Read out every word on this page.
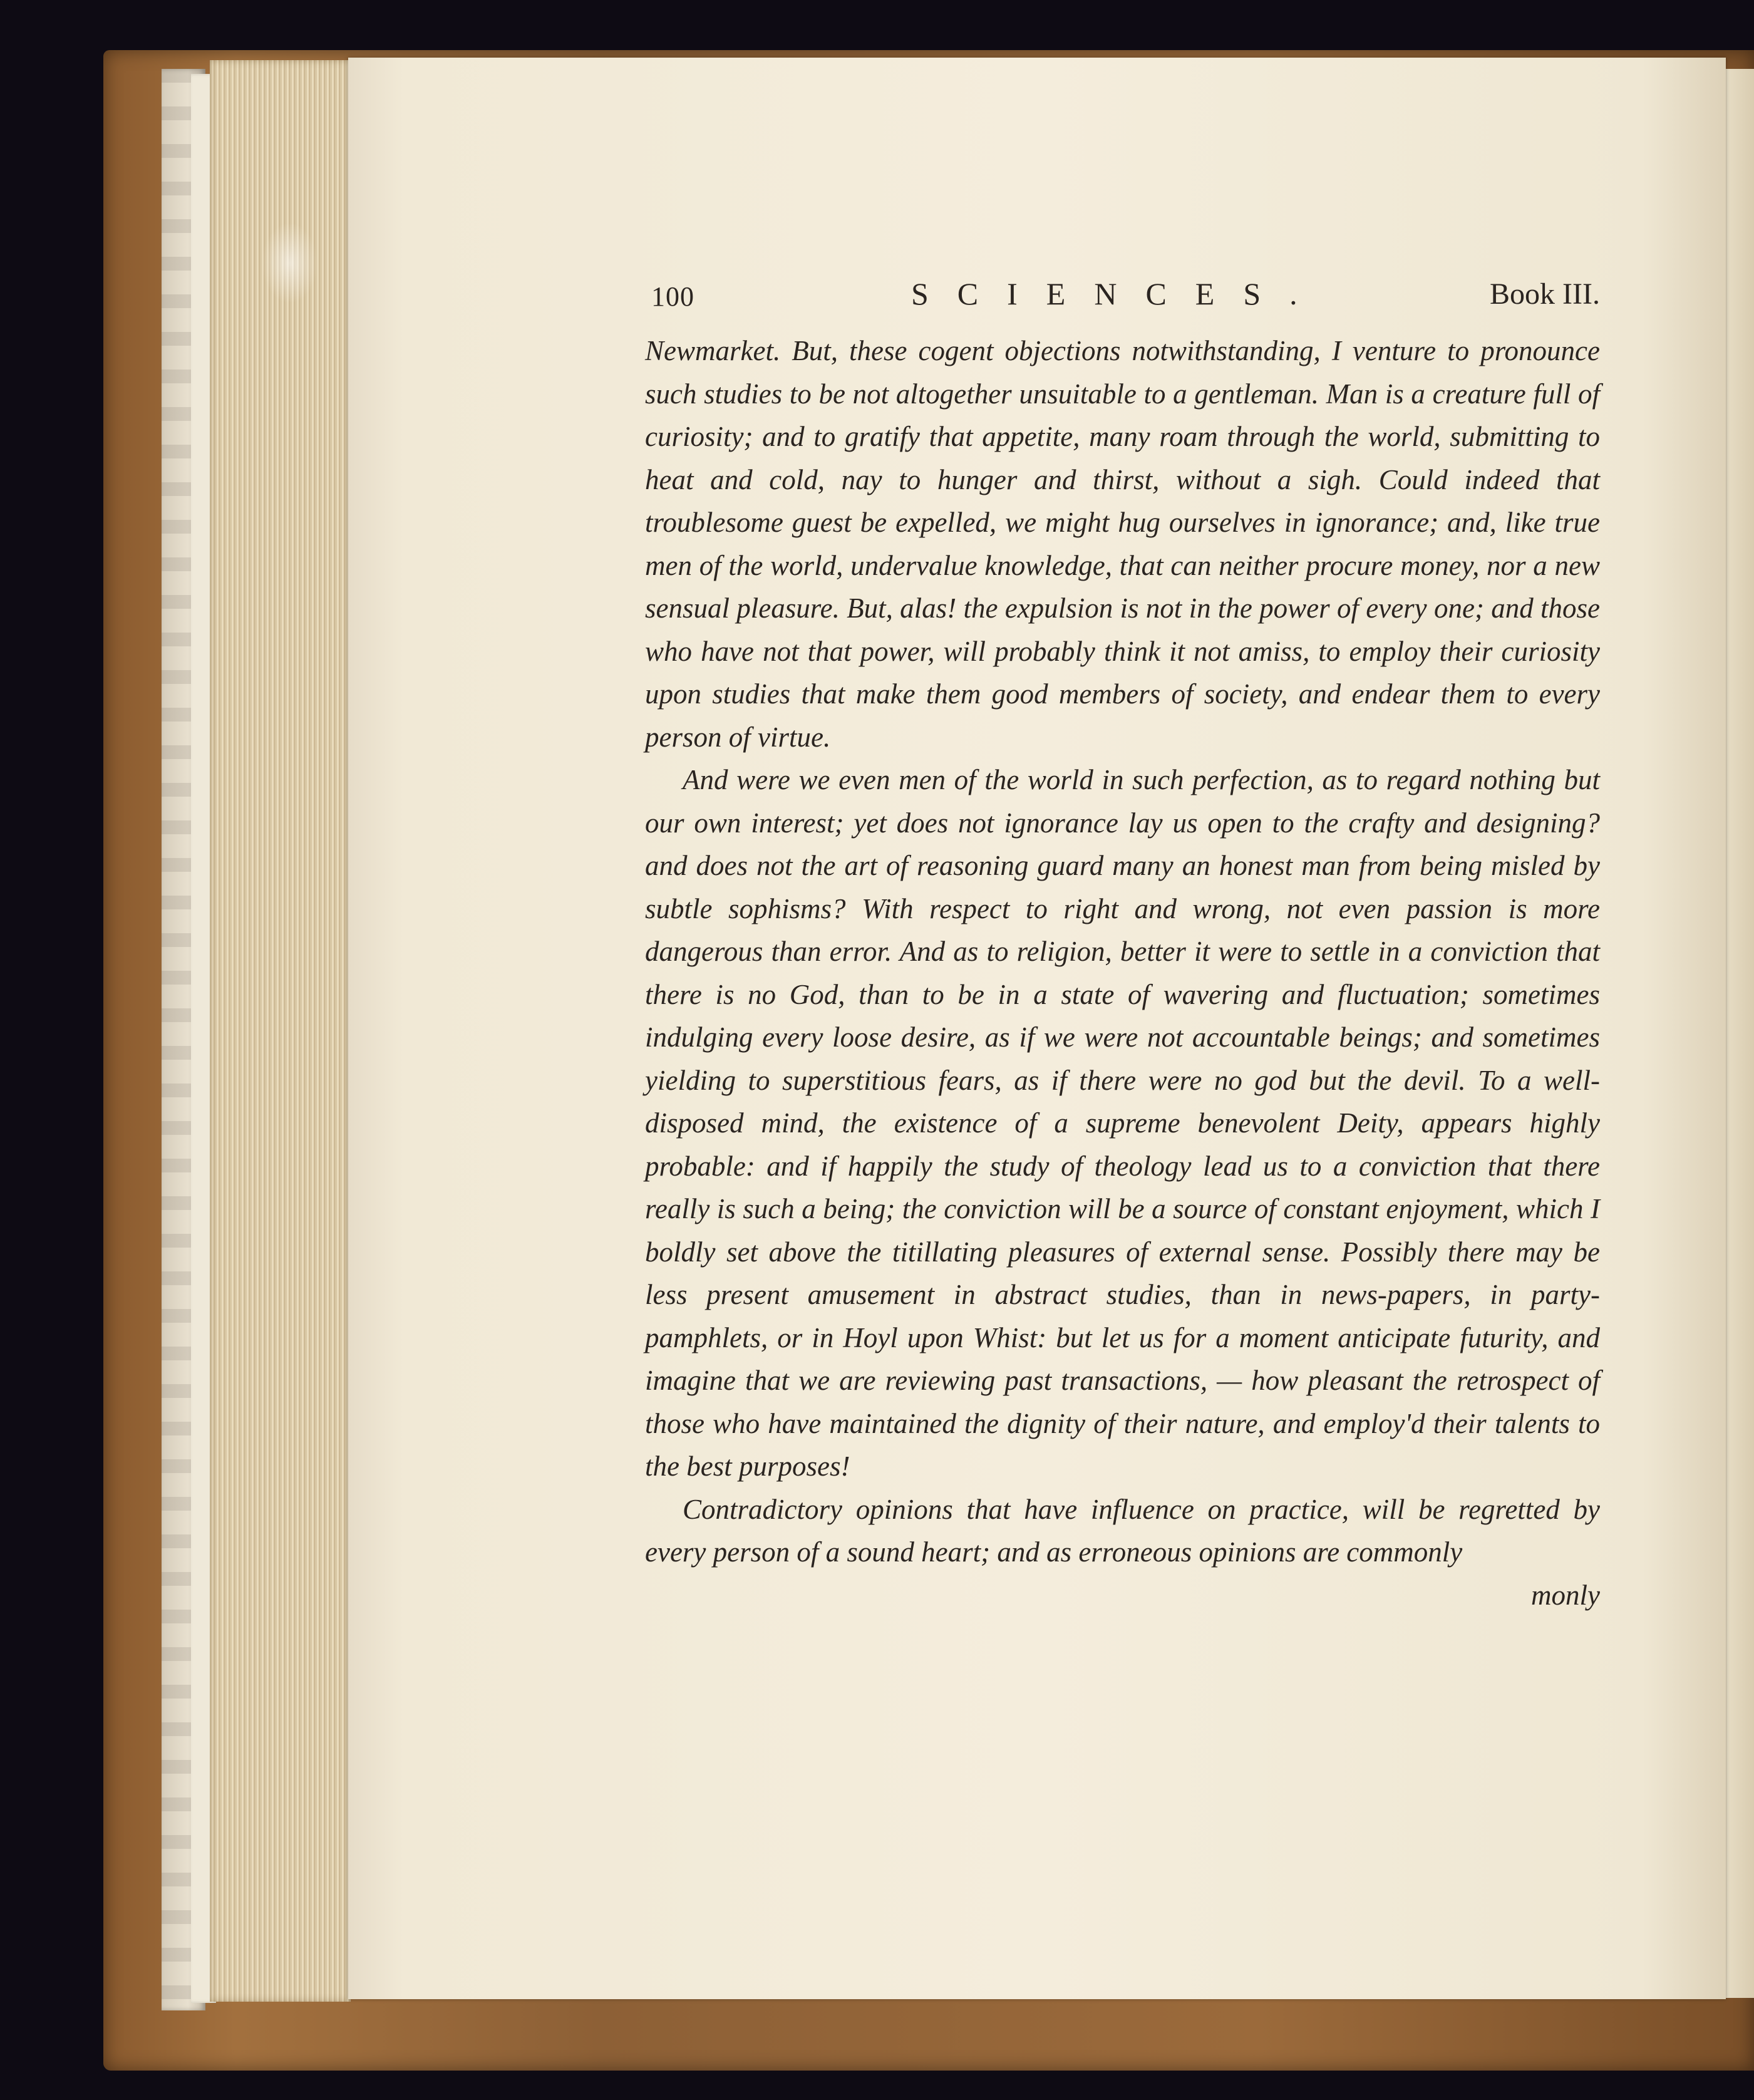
100	SCIENCES.	Book III.

Newmarket. But, these cogent objections notwithstanding, I venture to pronounce such studies to be not altogether unsuitable to a gentleman. Man is a creature full of curiosity; and to gratify that appetite, many roam through the world, submitting to heat and cold, nay to hunger and thirst, without a sigh. Could indeed that troublesome guest be expelled, we might hug ourselves in ignorance; and, like true men of the world, undervalue knowledge, that can neither procure money, nor a new sensual pleasure. But, alas! the expulsion is not in the power of every one; and those who have not that power, will probably think it not amiss, to employ their curiosity upon studies that make them good members of society, and endear them to every person of virtue.

And were we even men of the world in such perfection, as to regard nothing but our own interest; yet does not ignorance lay us open to the crafty and designing? and does not the art of reasoning guard many an honest man from being misled by subtle sophisms? With respect to right and wrong, not even passion is more dangerous than error. And as to religion, better it were to settle in a conviction that there is no God, than to be in a state of wavering and fluctuation; sometimes indulging every loose desire, as if we were not accountable beings; and sometimes yielding to superstitious fears, as if there were no god but the devil. To a well-disposed mind, the existence of a supreme benevolent Deity, appears highly probable: and if happily the study of theology lead us to a conviction that there really is such a being; the conviction will be a source of constant enjoyment, which I boldly set above the titillating pleasures of external sense. Possibly there may be less present amusement in abstract studies, than in news-papers, in party-pamphlets, or in Hoyl upon Whist: but let us for a moment anticipate futurity, and imagine that we are reviewing past transactions, — how pleasant the retrospect of those who have maintained the dignity of their nature, and employ'd their talents to the best purposes!

Contradictory opinions that have influence on practice, will be regretted by every person of a sound heart; and as erroneous opinions are commonly

monly
